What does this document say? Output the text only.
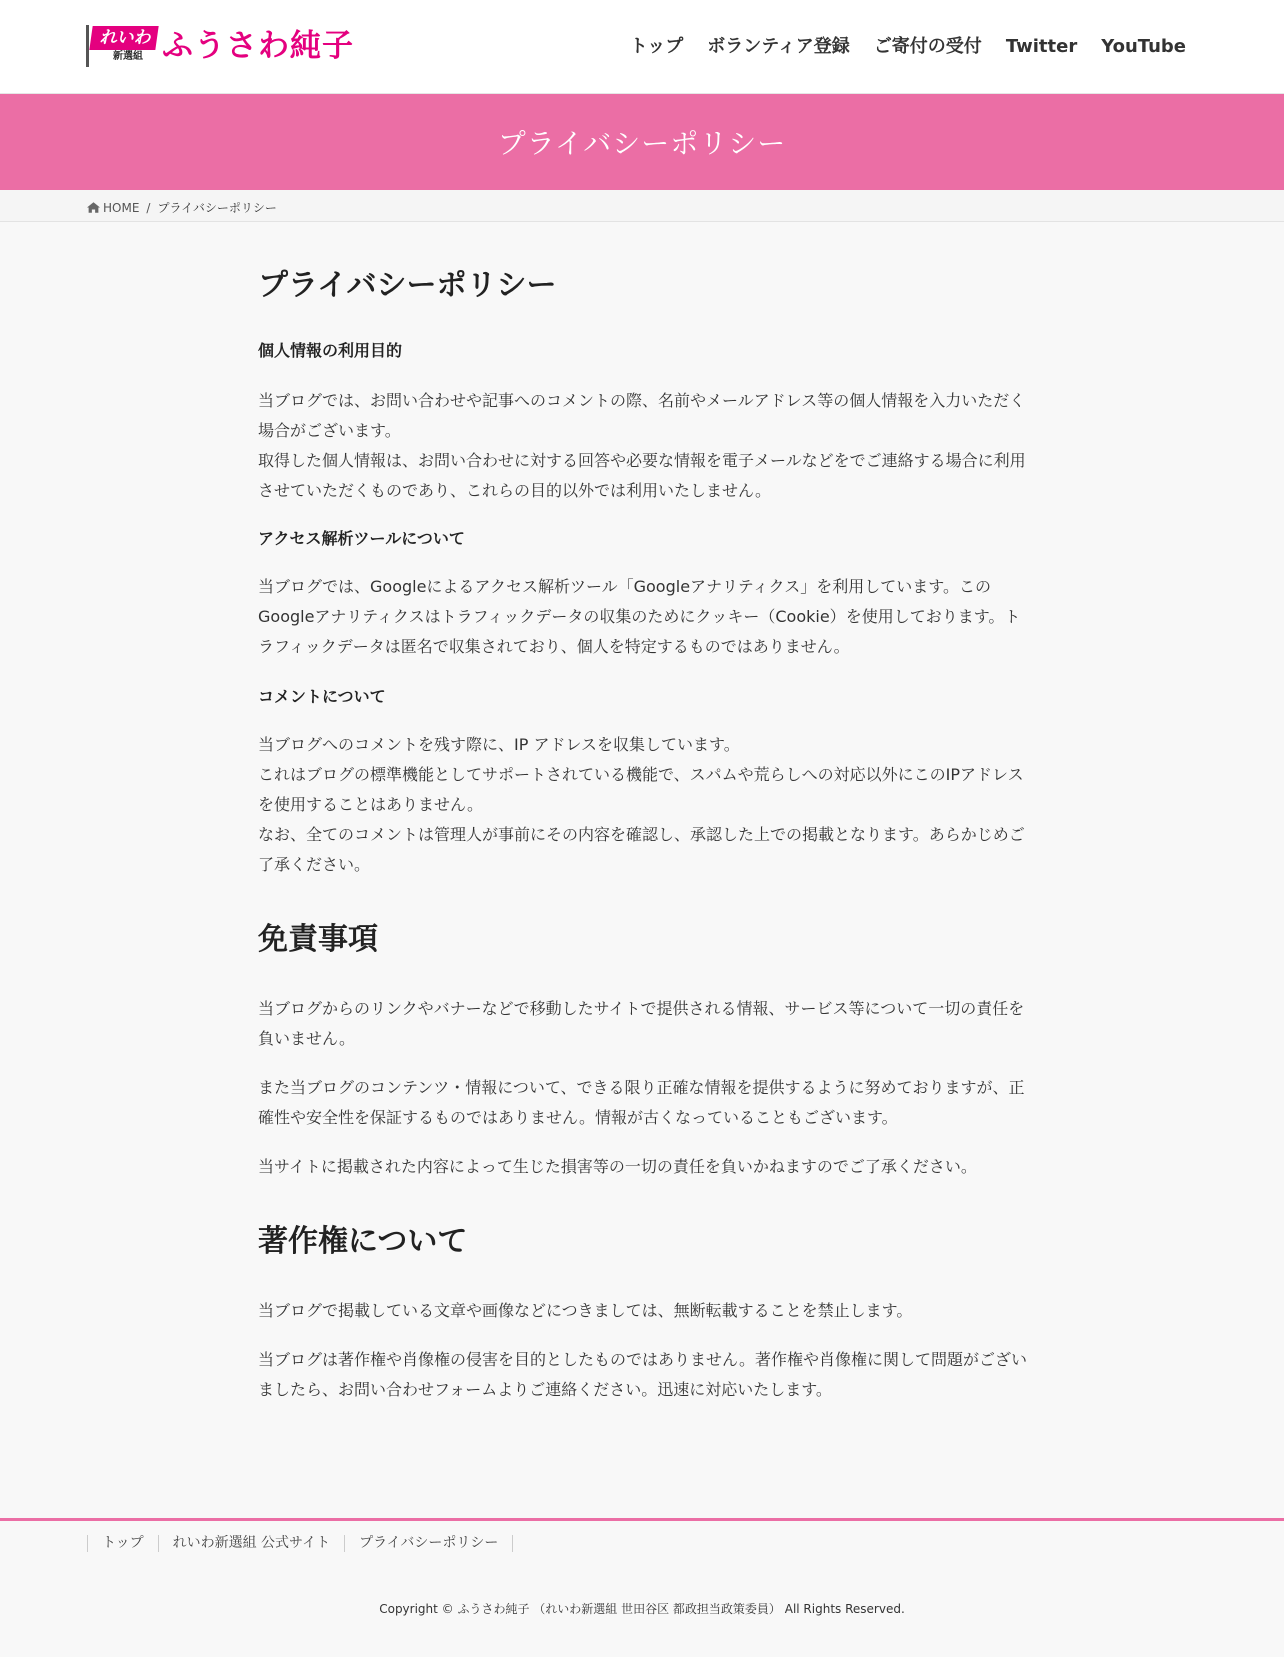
れいわ
新選組 ふうさわ純子	トップ ボランティア登録 ご寄付の受付 Twitter YouTube
プライバシーポリシー
HOME / プライバシーポリシー
プライバシーポリシー
個人情報の利用目的

当ブログでは、お問い合わせや記事へのコメントの際、名前やメールアドレス等の個人情報を入力いただく場合がございます。

取得した個人情報は、お問い合わせに対する回答や必要な情報を電子メールなどをでご連絡する場合に利用させていただくものであり、これらの目的以外では利用いたしません。

アクセス解析ツールについて

当ブログでは、Googleによるアクセス解析ツール「Googleアナリティクス」を利用しています。このGoogleアナリティクスはトラフィックデータの収集のためにクッキー（Cookie）を使用しております。トラフィックデータは匿名で収集されており、個人を特定するものではありません。

コメントについて

当ブログへのコメントを残す際に、IP アドレスを収集しています。

これはブログの標準機能としてサポートされている機能で、スパムや荒らしへの対応以外にこのIPアドレスを使用することはありません。

なお、全てのコメントは管理人が事前にその内容を確認し、承認した上での掲載となります。あらかじめご了承ください。

免責事項

当ブログからのリンクやバナーなどで移動したサイトで提供される情報、サービス等について一切の責任を負いません。

また当ブログのコンテンツ・情報について、できる限り正確な情報を提供するように努めておりますが、正確性や安全性を保証するものではありません。情報が古くなっていることもございます。

当サイトに掲載された内容によって生じた損害等の一切の責任を負いかねますのでご了承ください。

著作権について

当ブログで掲載している文章や画像などにつきましては、無断転載することを禁止します。

当ブログは著作権や肖像権の侵害を目的としたものではありません。著作権や肖像権に関して問題がございましたら、お問い合わせフォームよりご連絡ください。迅速に対応いたします。

トップ	れいわ新選組 公式サイト	プライバシーポリシー
Copyright © ふうさわ純子 （れいわ新選組 世田谷区 都政担当政策委員） All Rights Reserved.
